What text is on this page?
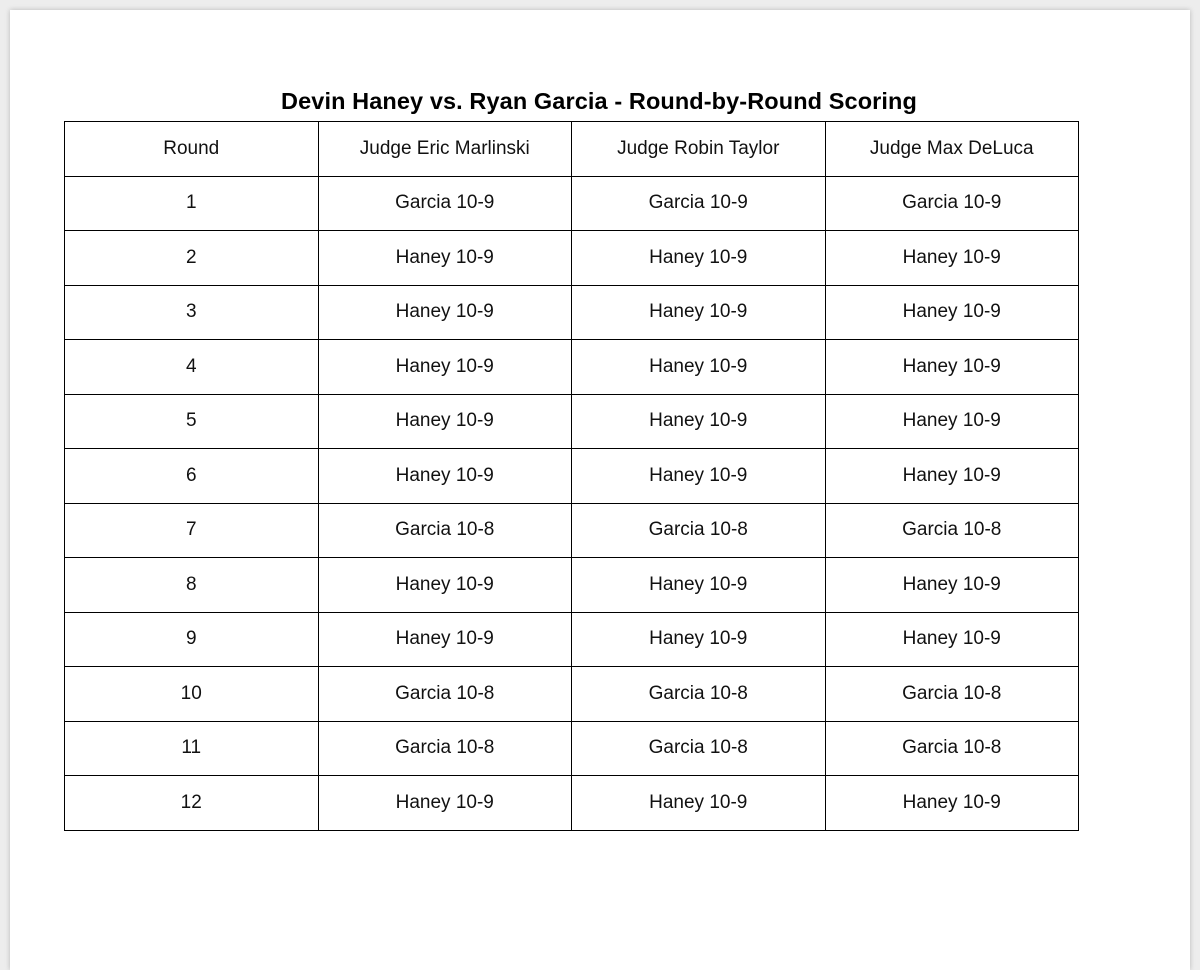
Devin Haney vs. Ryan Garcia - Round-by-Round Scoring
Round	Judge Eric Marlinski	Judge Robin Taylor	Judge Max DeLuca
1	Garcia 10-9	Garcia 10-9	Garcia 10-9
2	Haney 10-9	Haney 10-9	Haney 10-9
3	Haney 10-9	Haney 10-9	Haney 10-9
4	Haney 10-9	Haney 10-9	Haney 10-9
5	Haney 10-9	Haney 10-9	Haney 10-9
6	Haney 10-9	Haney 10-9	Haney 10-9
7	Garcia 10-8	Garcia 10-8	Garcia 10-8
8	Haney 10-9	Haney 10-9	Haney 10-9
9	Haney 10-9	Haney 10-9	Haney 10-9
10	Garcia 10-8	Garcia 10-8	Garcia 10-8
11	Garcia 10-8	Garcia 10-8	Garcia 10-8
12	Haney 10-9	Haney 10-9	Haney 10-9
